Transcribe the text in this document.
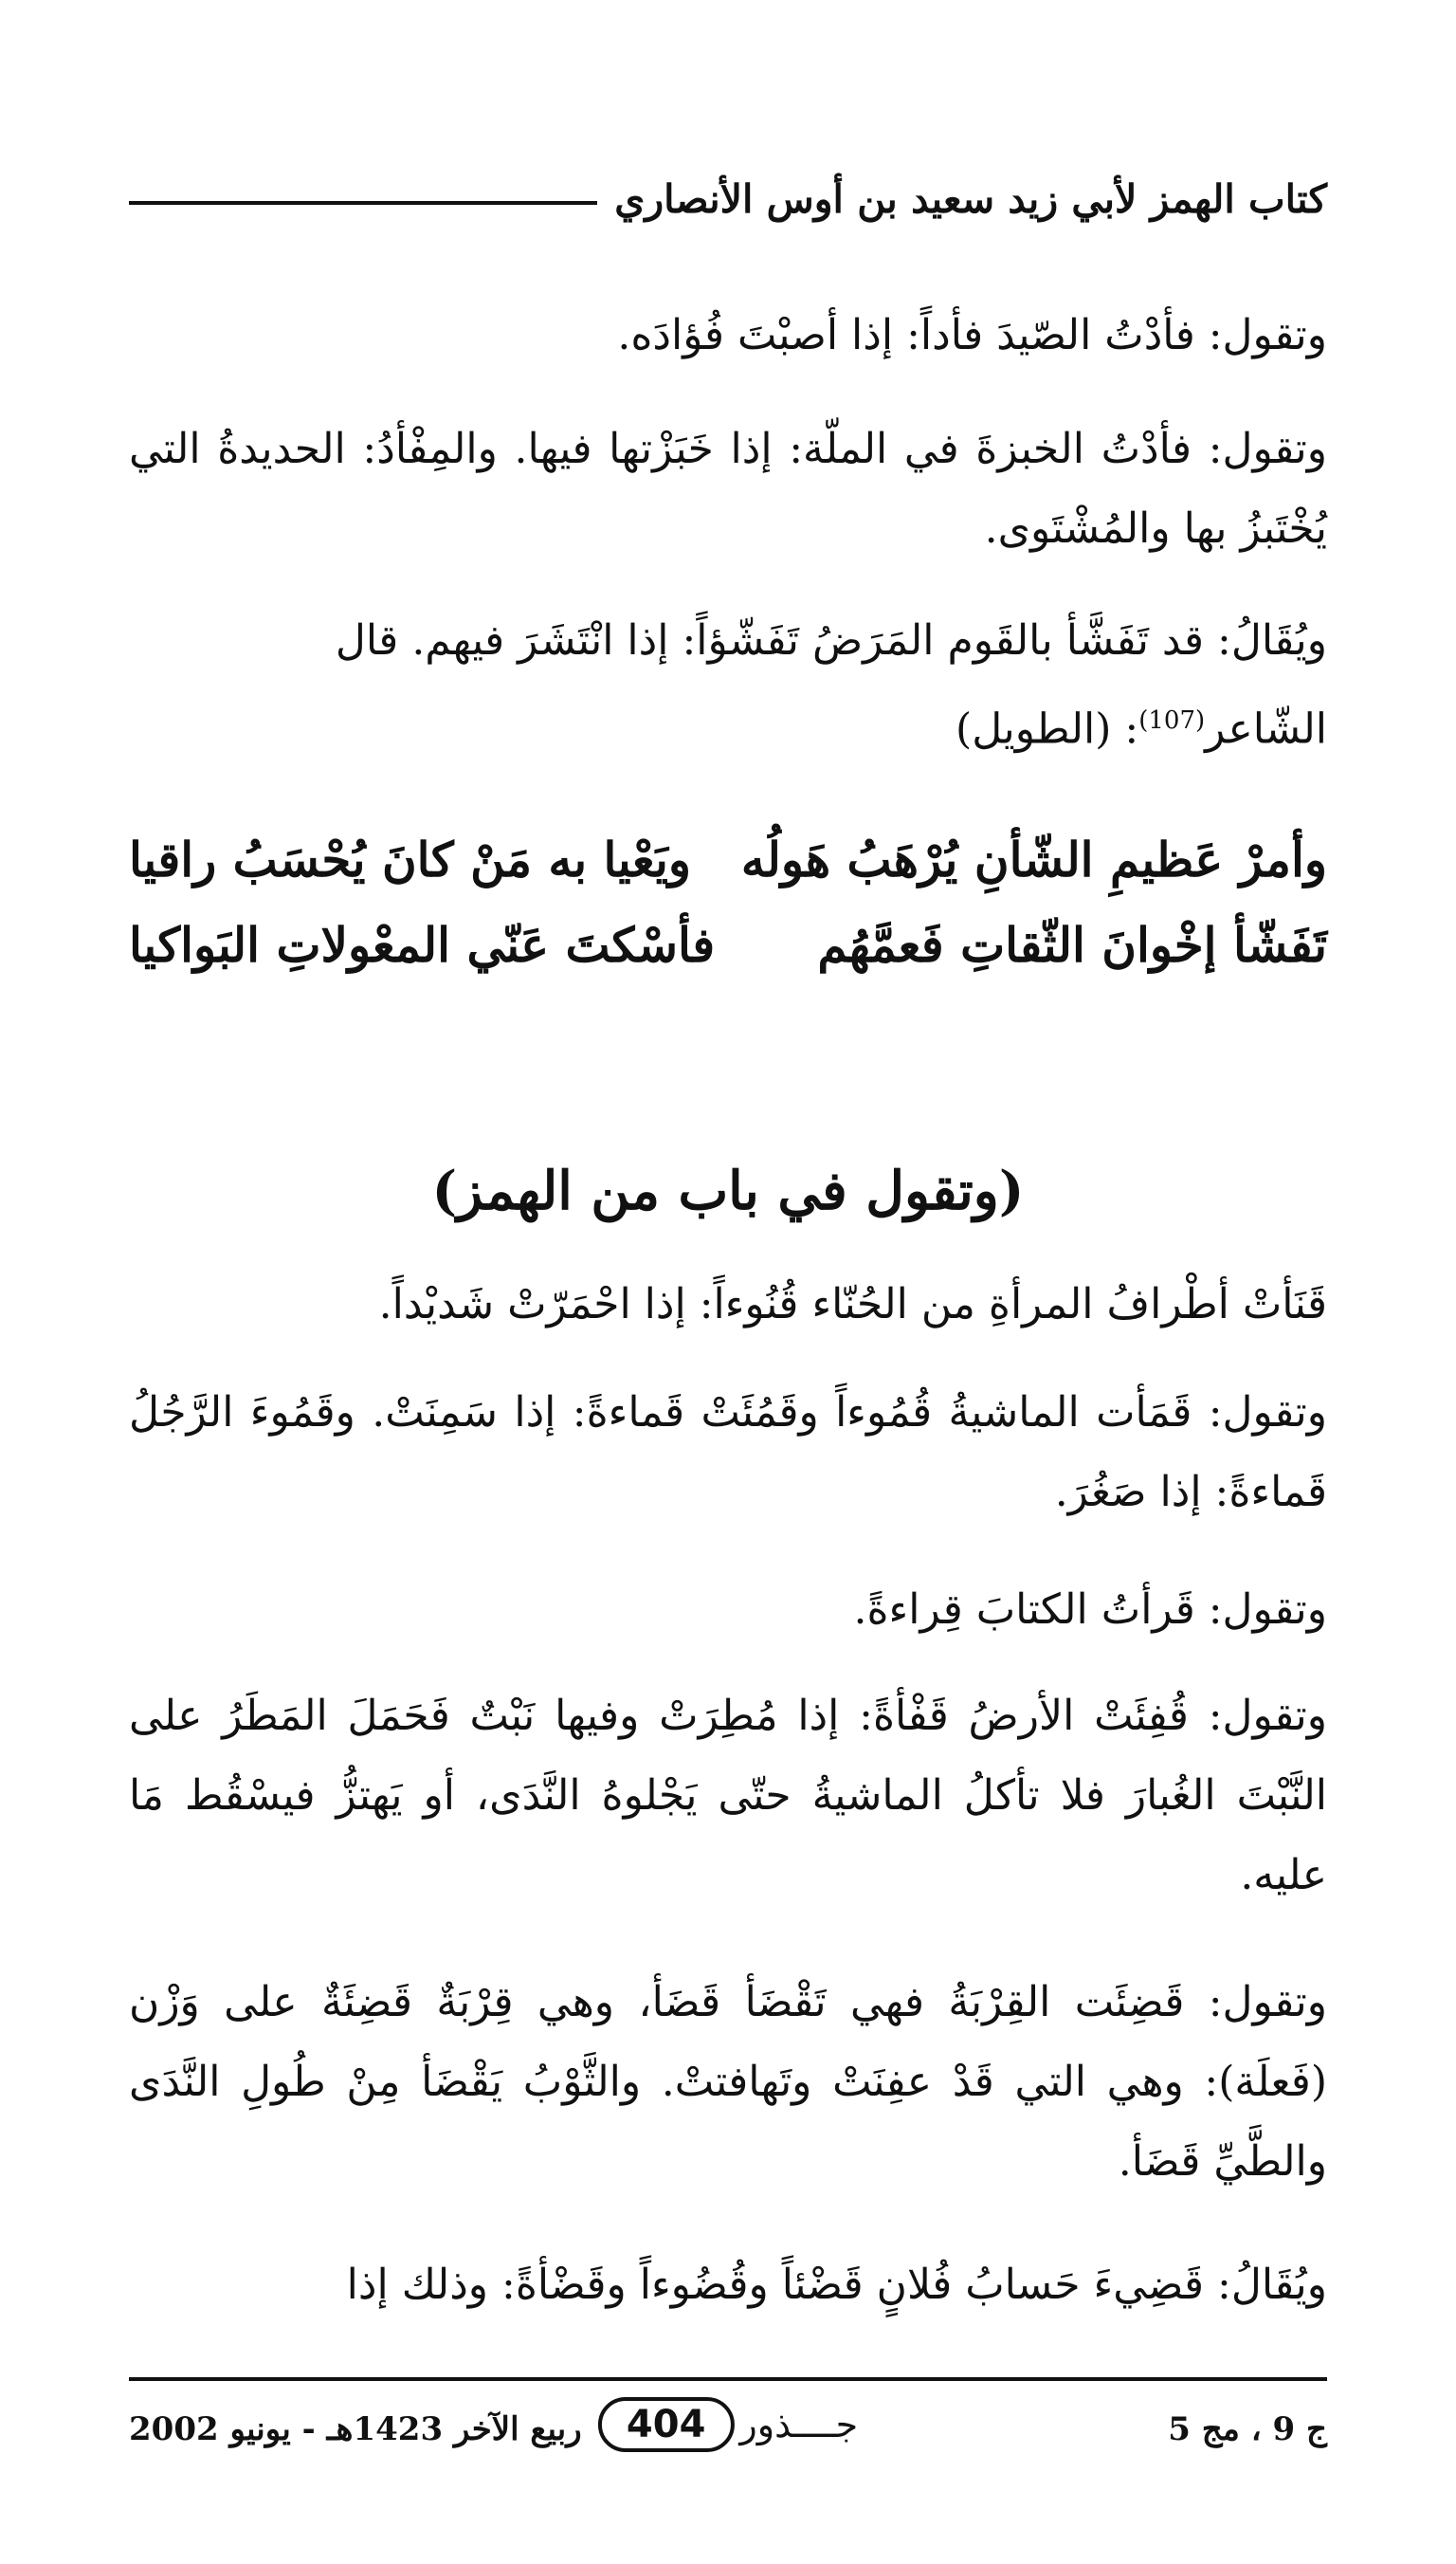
كتاب الهمز لأبي زيد سعيد بن أوس الأنصاري
وتقول: فأدْتُ الصّيدَ فأداً: إذا أصبْتَ فُؤادَه.
وتقول: فأدْتُ الخبزةَ في الملّة: إذا خَبَزْتها فيها. والمِفْأدُ: الحديدةُ التي يُخْتَبزُ بها والمُشْتَوى.
ويُقَالُ: قد تَفَشَّأ بالقَوم المَرَضُ تَفَشّؤاً: إذا انْتَشَرَ فيهم. قال
الشّاعر$^{(107)}$: (الطويل)
وأمرْ عَظيمِ الشّأنِ يُرْهَبُ هَولُه
ويَعْيا به مَنْ كانَ يُحْسَبُ راقيا
تَفَشّأ إخْوانَ الثّقاتِ فَعمَّهُم
فأسْكتَ عَنّي المعْولاتِ البَواكيا
(وتقول في باب من الهمز)
قَنَأتْ أطْرافُ المرأةِ من الحُنّاء قُنُوءاً: إذا احْمَرّتْ شَديْداً.
وتقول: قَمَأت الماشيةُ قُمُوءاً وقَمُئَتْ قَماءةً: إذا سَمِنَتْ. وقَمُوءَ الرَّجُلُ قَماءةً: إذا صَغُرَ.
وتقول: قَرأتُ الكتابَ قِراءةً.
وتقول: قُفِئَتْ الأرضُ قَفْأةً: إذا مُطِرَتْ وفيها نَبْتٌ فَحَمَلَ المَطَرُ على النَّبْتَ الغُبارَ فلا تأكلُ الماشيةُ حتّى يَجْلوهُ النَّدَى، أو يَهتزُّ فيسْقُط مَا عليه.
وتقول: قَضِئَت القِرْبَةُ فهي تَقْضَأ قَضَأ، وهي قِرْبَةٌ قَضِئَةٌ على وَزْن (فَعلَة): وهي التي قَدْ عفِنَتْ وتَهافتتْ. والثَّوْبُ يَقْضَأ مِنْ طُولِ النَّدَى والطَّيِّ قَضَأ.
ويُقَالُ: قَضِيءَ حَسابُ فُلانٍ قَضْئاً وقُضُوءاً وقَضْأةً: وذلك إذا
ج 9 ، مج 5
جــــذور
404
ربيع الآخر 1423هـ - يونيو 2002
